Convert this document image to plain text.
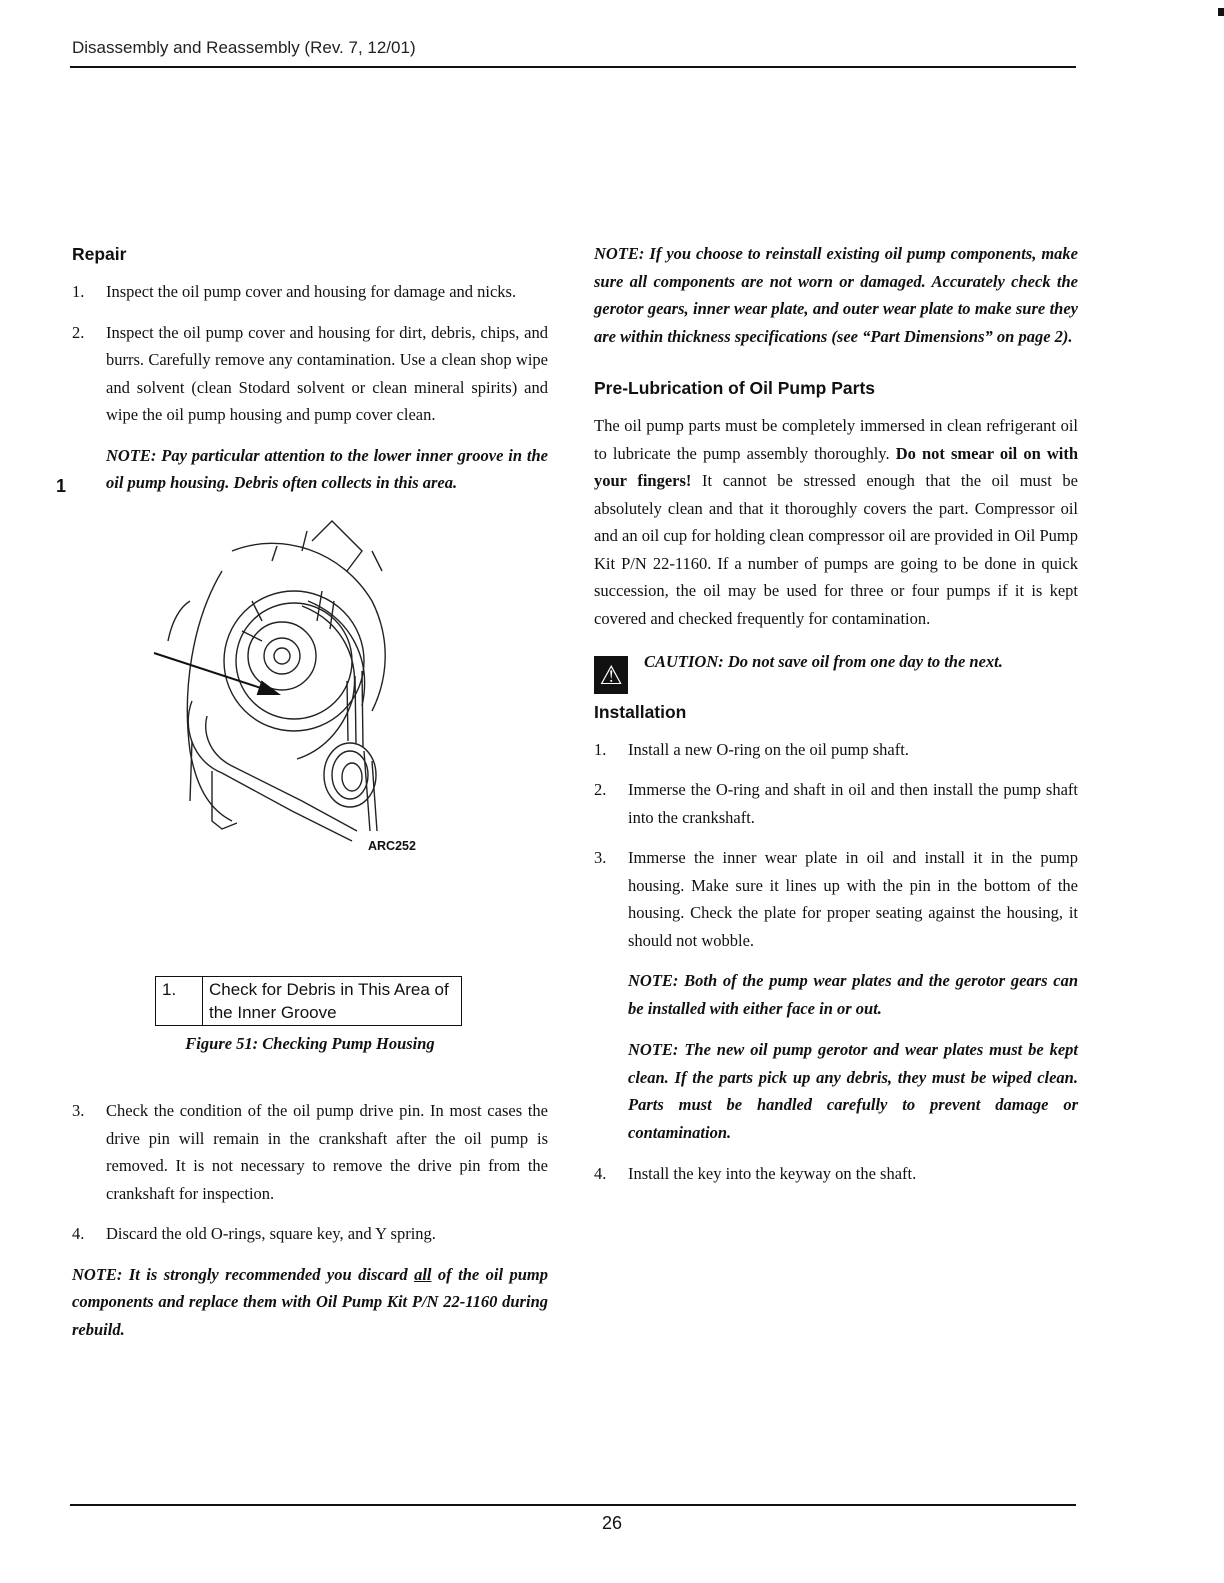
Disassembly and Reassembly (Rev. 7, 12/01)
Repair
1. Inspect the oil pump cover and housing for damage and nicks.
2. Inspect the oil pump cover and housing for dirt, debris, chips, and burrs. Carefully remove any contamination. Use a clean shop wipe and solvent (clean Stodard solvent or clean mineral spirits) and wipe the oil pump housing and pump cover clean.

NOTE: Pay particular attention to the lower inner groove in the oil pump housing. Debris often collects in this area.

ARC252
1
1.	Check for Debris in This Area of the Inner Groove
Figure 51: Checking Pump Housing
3. Check the condition of the oil pump drive pin. In most cases the drive pin will remain in the crankshaft after the oil pump is removed. It is not necessary to remove the drive pin from the crankshaft for inspection.
4. Discard the old O-rings, square key, and Y spring.

NOTE: It is strongly recommended you discard all of the oil pump components and replace them with Oil Pump Kit P/N 22-1160 during rebuild.

NOTE: If you choose to reinstall existing oil pump components, make sure all components are not worn or damaged. Accurately check the gerotor gears, inner wear plate, and outer wear plate to make sure they are within thickness specifications (see “Part Dimensions” on page 2).

Pre-Lubrication of Oil Pump Parts

The oil pump parts must be completely immersed in clean refrigerant oil to lubricate the pump assembly thoroughly. Do not smear oil on with your fingers! It cannot be stressed enough that the oil must be absolutely clean and that it thoroughly covers the part. Compressor oil and an oil cup for holding clean compressor oil are provided in Oil Pump Kit P/N 22-1160. If a number of pumps are going to be done in quick succession, the oil may be used for three or four pumps if it is kept covered and checked frequently for contamination.

⚠	CAUTION: Do not save oil from one day to the next.
Installation
1. Install a new O-ring on the oil pump shaft.
2. Immerse the O-ring and shaft in oil and then install the pump shaft into the crankshaft.
3. Immerse the inner wear plate in oil and install it in the pump housing. Make sure it lines up with the pin in the bottom of the housing. Check the plate for proper seating against the housing, it should not wobble.

NOTE: Both of the pump wear plates and the gerotor gears can be installed with either face in or out.

NOTE: The new oil pump gerotor and wear plates must be kept clean. If the parts pick up any debris, they must be wiped clean. Parts must be handled carefully to prevent damage or contamination.

4. Install the key into the keyway on the shaft.
26
